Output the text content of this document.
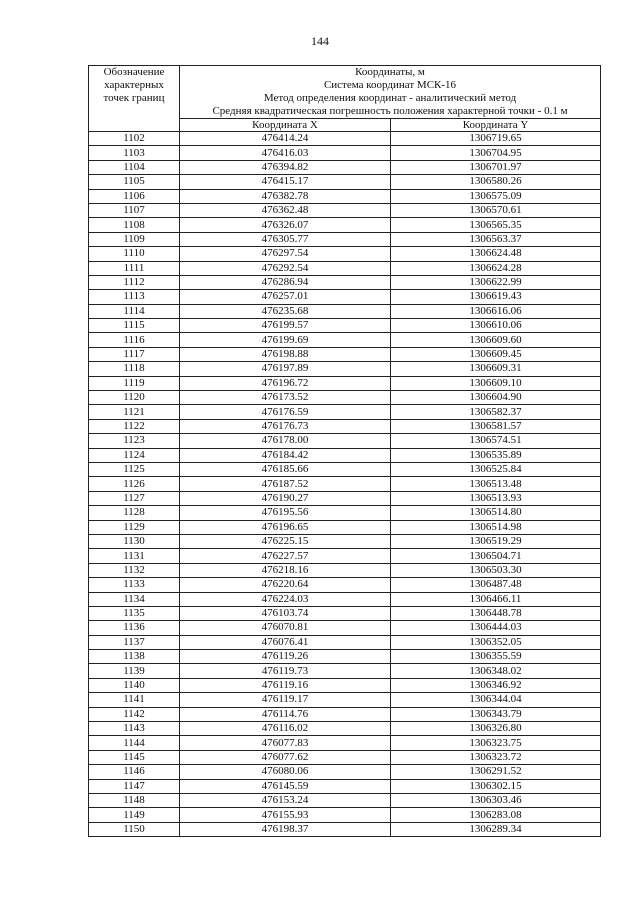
144
Обозначение
характерных
точек границ	Координаты, м
Система координат МСК-16
Метод определения координат - аналитический метод
Средняя квадратическая погрешность положения характерной точки - 0.1 м	

	Координата X	Координата Y
1102	476414.24	1306719.65
1103	476416.03	1306704.95
1104	476394.82	1306701.97
1105	476415.17	1306580.26
1106	476382.78	1306575.09
1107	476362.48	1306570.61
1108	476326.07	1306565.35
1109	476305.77	1306563.37
1110	476297.54	1306624.48
1111	476292.54	1306624.28
1112	476286.94	1306622.99
1113	476257.01	1306619.43
1114	476235.68	1306616.06
1115	476199.57	1306610.06
1116	476199.69	1306609.60
1117	476198.88	1306609.45
1118	476197.89	1306609.31
1119	476196.72	1306609.10
1120	476173.52	1306604.90
1121	476176.59	1306582.37
1122	476176.73	1306581.57
1123	476178.00	1306574.51
1124	476184.42	1306535.89
1125	476185.66	1306525.84
1126	476187.52	1306513.48
1127	476190.27	1306513.93
1128	476195.56	1306514.80
1129	476196.65	1306514.98
1130	476225.15	1306519.29
1131	476227.57	1306504.71
1132	476218.16	1306503.30
1133	476220.64	1306487.48
1134	476224.03	1306466.11
1135	476103.74	1306448.78
1136	476070.81	1306444.03
1137	476076.41	1306352.05
1138	476119.26	1306355.59
1139	476119.73	1306348.02
1140	476119.16	1306346.92
1141	476119.17	1306344.04
1142	476114.76	1306343.79
1143	476116.02	1306326.80
1144	476077.83	1306323.75
1145	476077.62	1306323.72
1146	476080.06	1306291.52
1147	476145.59	1306302.15
1148	476153.24	1306303.46
1149	476155.93	1306283.08
1150	476198.37	1306289.34
